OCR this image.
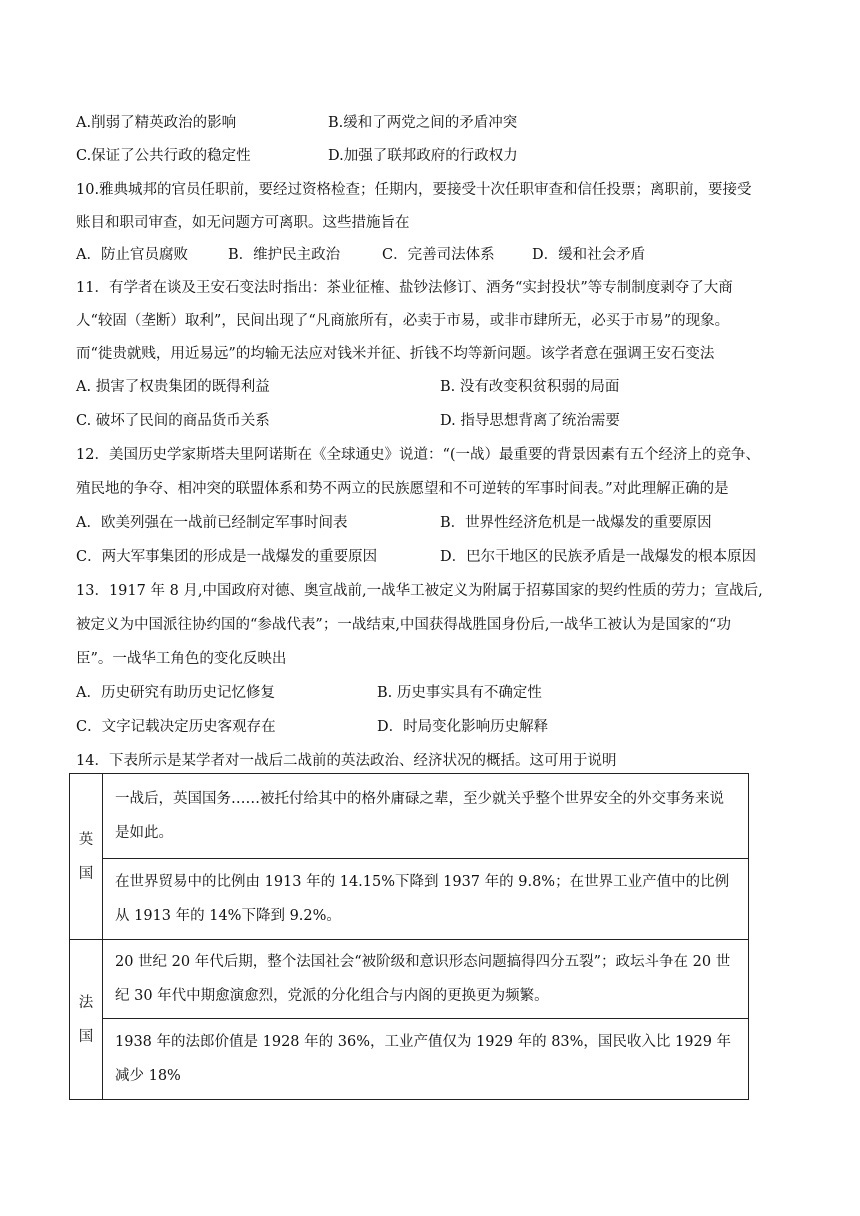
A.削弱了精英政治的影响	B.缓和了两党之间的矛盾冲突
C.保证了公共行政的稳定性	D.加强了联邦政府的行政权力
10.雅典城邦的官员任职前，要经过资格检查；任期内，要接受十次任职审查和信任投票；离职前，要接受
账目和职司审查，如无问题方可离职。这些措施旨在
A．防止官员腐败	B．维护民主政治	C．完善司法体系	D．缓和社会矛盾
11．有学者在谈及王安石变法时指出：茶业征榷、盐钞法修订、酒务“实封投状”等专制制度剥夺了大商
人“较固（垄断）取利”，民间出现了“凡商旅所有，必卖于市易，或非市肆所无，必买于市易”的现象。
而“徙贵就贱，用近易远”的均输无法应对钱米并征、折钱不均等新问题。该学者意在强调王安石变法
A. 损害了权贵集团的既得利益	B. 没有改变积贫积弱的局面
C. 破坏了民间的商品货币关系	D. 指导思想背离了统治需要
12．美国历史学家斯塔夫里阿诺斯在《全球通史》说道：“(一战）最重要的背景因素有五个经济上的竞争、
殖民地的争夺、相冲突的联盟体系和势不两立的民族愿望和不可逆转的军事时间表。”对此理解正确的是
A．欧美列强在一战前已经制定军事时间表	B．世界性经济危机是一战爆发的重要原因
C．两大军事集团的形成是一战爆发的重要原因	D．巴尔干地区的民族矛盾是一战爆发的根本原因
13．1917 年 8 月,中国政府对德、奥宣战前,一战华工被定义为附属于招募国家的契约性质的劳力；宣战后,
被定义为中国派往协约国的“参战代表”；一战结束,中国获得战胜国身份后,一战华工被认为是国家的“功
臣”。一战华工角色的变化反映出
A．历史研究有助历史记忆修复	B. 历史事实具有不确定性
C．文字记载决定历史客观存在	D．时局变化影响历史解释
14．下表所示是某学者对一战后二战前的英法政治、经济状况的概括。这可用于说明
英
国	一战后，英国国务……被托付给其中的格外庸碌之辈，至少就关乎整个世界安全的外交事务来说是如此。
	在世界贸易中的比例由 1913 年的 14.15%下降到 1937 年的 9.8%；在世界工业产值中的比例从 1913 年的 14%下降到 9.2%。

法
国	20 世纪 20 年代后期，整个法国社会“被阶级和意识形态问题搞得四分五裂”；政坛斗争在 20 世纪 30 年代中期愈演愈烈，党派的分化组合与内阁的更换更为频繁。
	1938 年的法郎价值是 1928 年的 36%，工业产值仅为 1929 年的 83%，国民收入比 1929 年减少 18%
